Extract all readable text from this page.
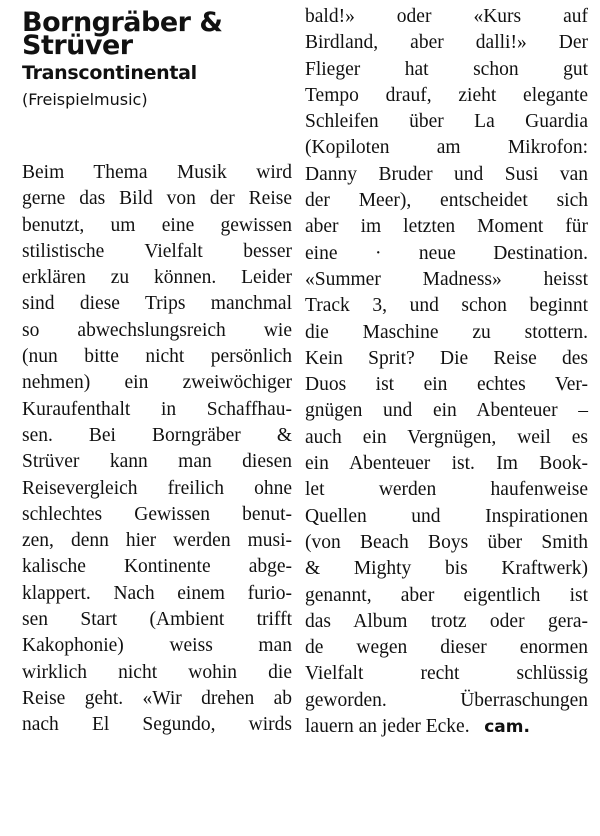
Borngräber &
Strüver
Transcontinental
(Freispielmusic)
Beim Thema Musik wird
gerne das Bild von der Reise
benutzt, um eine gewissen
stilistische Vielfalt besser
erklären zu können. Leider
sind diese Trips manchmal
so abwechslungsreich wie
(nun bitte nicht persönlich
nehmen) ein zweiwöchiger
Kuraufenthalt in Schaffhau-
sen. Bei Borngräber &
Strüver kann man diesen
Reisevergleich freilich ohne
schlechtes Gewissen benut-
zen, denn hier werden musi-
kalische Kontinente abge-
klappert. Nach einem furio-
sen Start (Ambient trifft
Kakophonie) weiss man
wirklich nicht wohin die
Reise geht. «Wir drehen ab
nach El Segundo, wirds
bald!» oder «Kurs auf
Birdland, aber dalli!» Der
Flieger hat schon gut
Tempo drauf, zieht elegante
Schleifen über La Guardia
(Kopiloten am Mikrofon:
Danny Bruder und Susi van
der Meer), entscheidet sich
aber im letzten Moment für
eine · neue Destination.
«Summer Madness» heisst
Track 3, und schon beginnt
die Maschine zu stottern.
Kein Sprit? Die Reise des
Duos ist ein echtes Ver-
gnügen und ein Abenteuer –
auch ein Vergnügen, weil es
ein Abenteuer ist. Im Book-
let werden haufenweise
Quellen und Inspirationen
(von Beach Boys über Smith
& Mighty bis Kraftwerk)
genannt, aber eigentlich ist
das Album trotz oder gera-
de wegen dieser enormen
Vielfalt recht schlüssig
geworden. Überraschungen
lauern an jeder Ecke. cam.
